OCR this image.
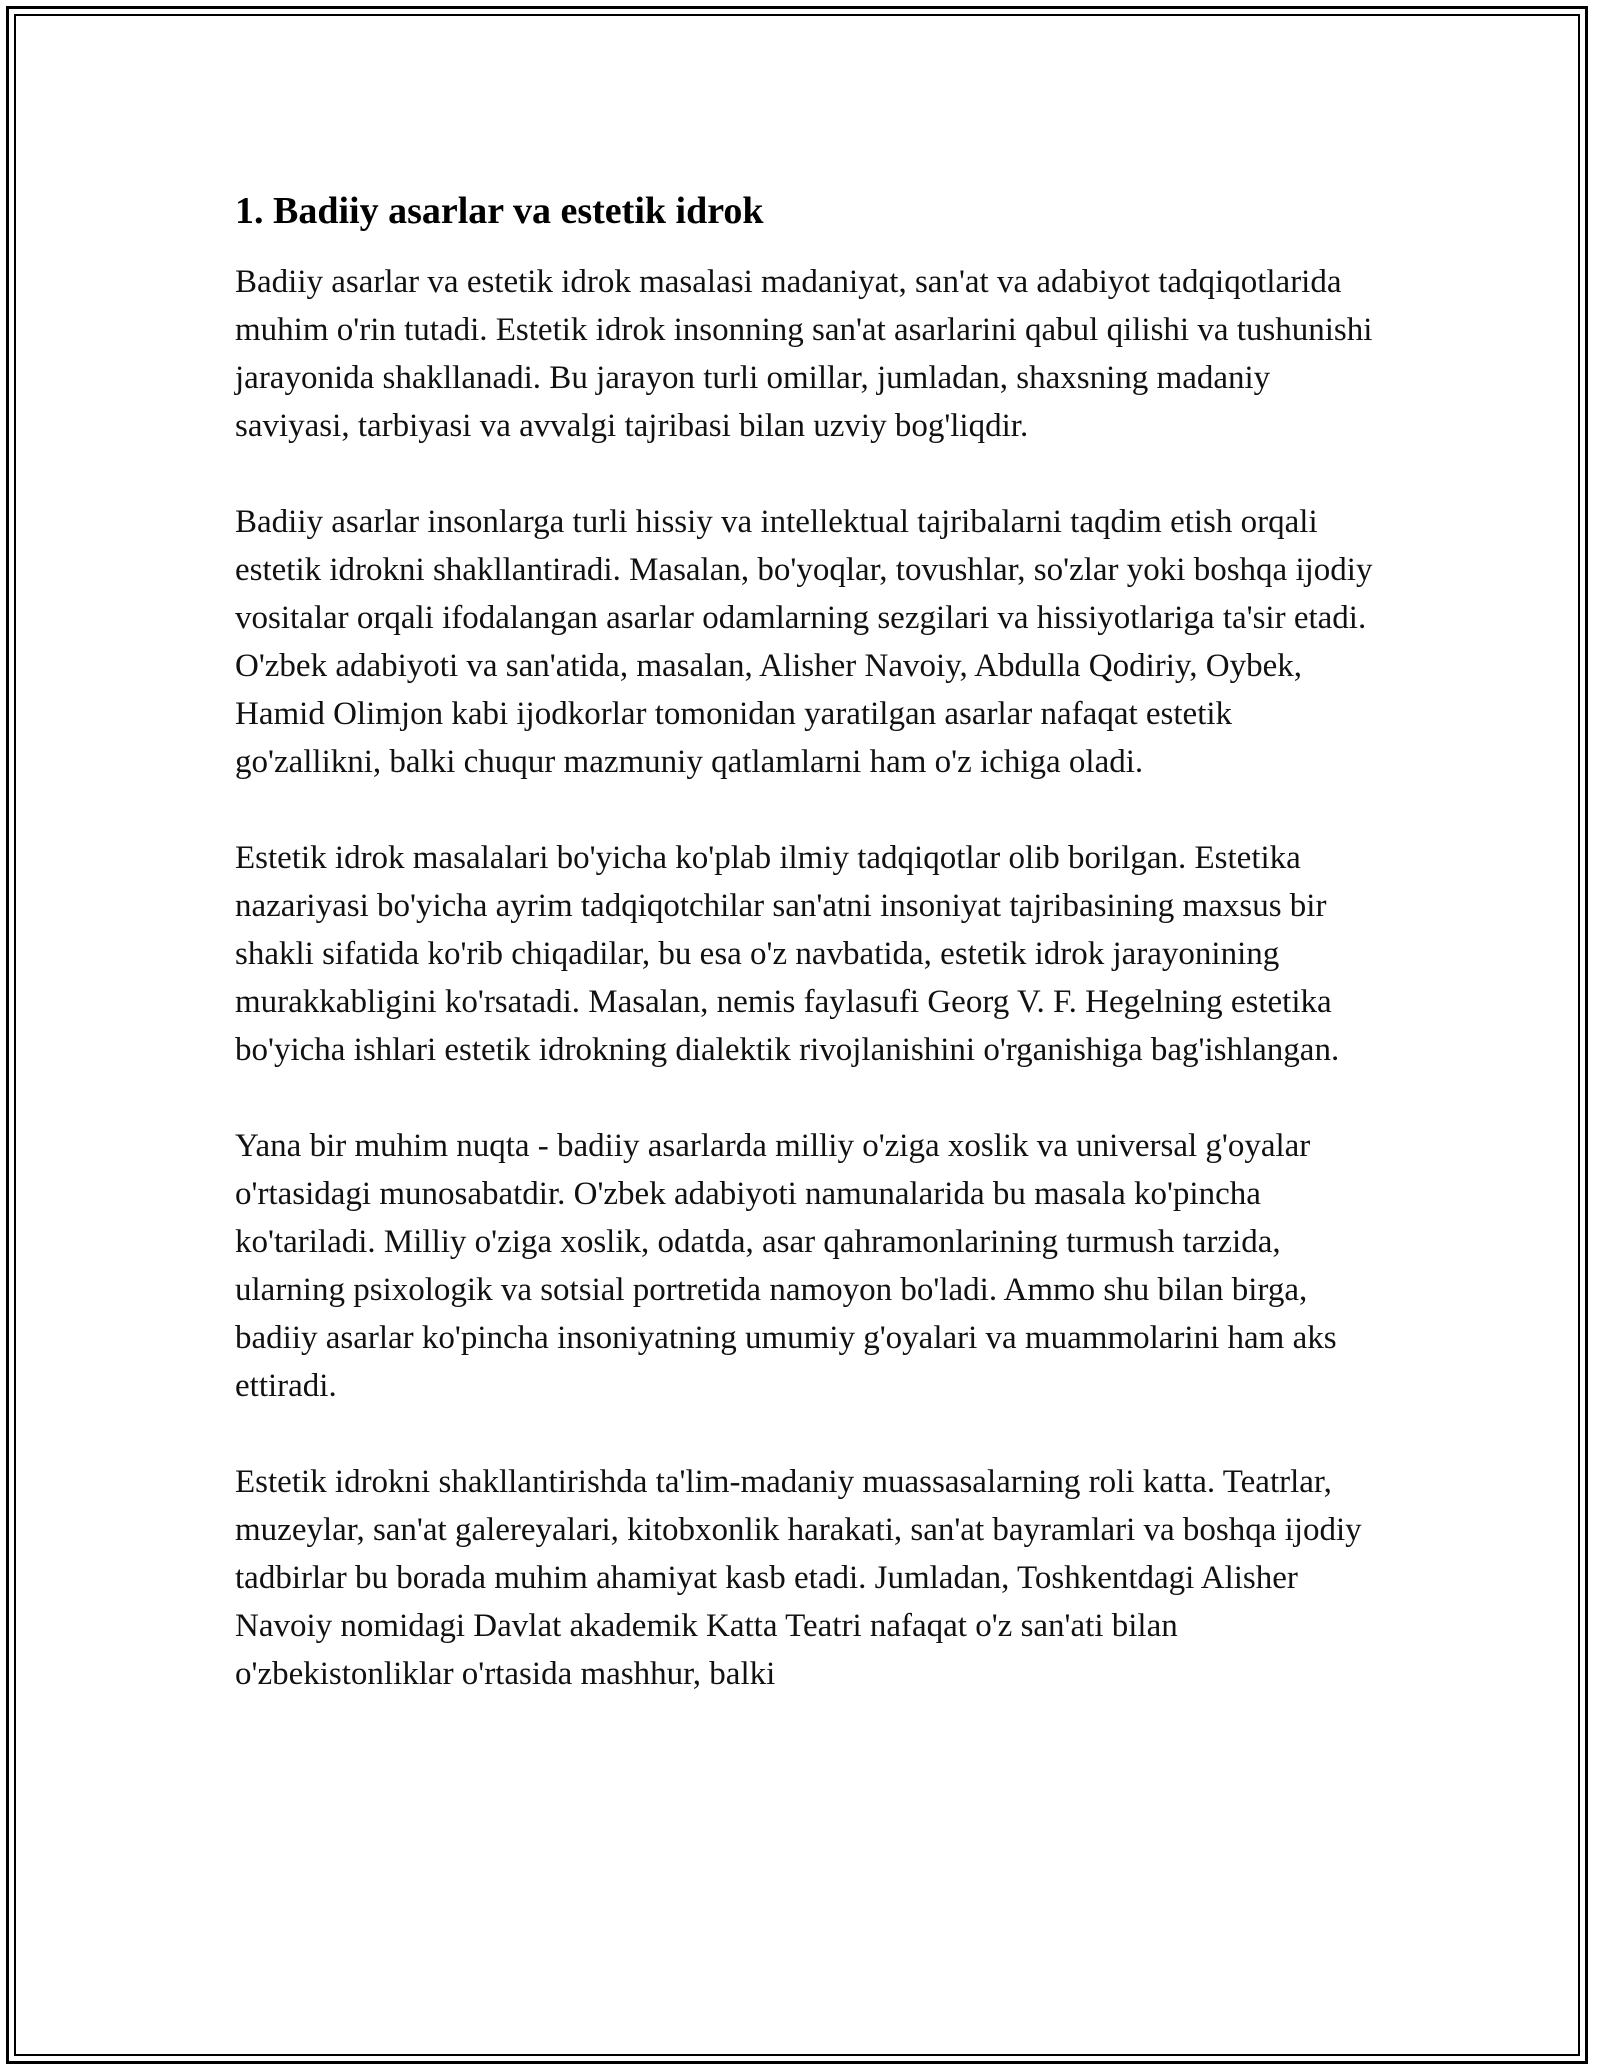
1. Badiiy asarlar va estetik idrok

Badiiy asarlar va estetik idrok masalasi madaniyat, san'at va adabiyot tadqiqotlarida muhim o'rin tutadi. Estetik idrok insonning san'at asarlarini qabul qilishi va tushunishi jarayonida shakllanadi. Bu jarayon turli omillar, jumladan, shaxsning madaniy saviyasi, tarbiyasi va avvalgi tajribasi bilan uzviy bog'liqdir.

Badiiy asarlar insonlarga turli hissiy va intellektual tajribalarni taqdim etish orqali estetik idrokni shakllantiradi. Masalan, bo'yoqlar, tovushlar, so'zlar yoki boshqa ijodiy vositalar orqali ifodalangan asarlar odamlarning sezgilari va hissiyotlariga ta'sir etadi. O'zbek adabiyoti va san'atida, masalan, Alisher Navoiy, Abdulla Qodiriy, Oybek, Hamid Olimjon kabi ijodkorlar tomonidan yaratilgan asarlar nafaqat estetik go'zallikni, balki chuqur mazmuniy qatlamlarni ham o'z ichiga oladi.

Estetik idrok masalalari bo'yicha ko'plab ilmiy tadqiqotlar olib borilgan. Estetika nazariyasi bo'yicha ayrim tadqiqotchilar san'atni insoniyat tajribasining maxsus bir shakli sifatida ko'rib chiqadilar, bu esa o'z navbatida, estetik idrok jarayonining murakkabligini ko'rsatadi. Masalan, nemis faylasufi Georg V. F. Hegelning estetika bo'yicha ishlari estetik idrokning dialektik rivojlanishini o'rganishiga bag'ishlangan.

Yana bir muhim nuqta - badiiy asarlarda milliy o'ziga xoslik va universal g'oyalar o'rtasidagi munosabatdir. O'zbek adabiyoti namunalarida bu masala ko'pincha ko'tariladi. Milliy o'ziga xoslik, odatda, asar qahramonlarining turmush tarzida, ularning psixologik va sotsial portretida namoyon bo'ladi. Ammo shu bilan birga, badiiy asarlar ko'pincha insoniyatning umumiy g'oyalari va muammolarini ham aks ettiradi.

Estetik idrokni shakllantirishda ta'lim-madaniy muassasalarning roli katta. Teatrlar, muzeylar, san'at galereyalari, kitobxonlik harakati, san'at bayramlari va boshqa ijodiy tadbirlar bu borada muhim ahamiyat kasb etadi. Jumladan, Toshkentdagi Alisher Navoiy nomidagi Davlat akademik Katta Teatri nafaqat o'z san'ati bilan o'zbekistonliklar o'rtasida mashhur, balki
